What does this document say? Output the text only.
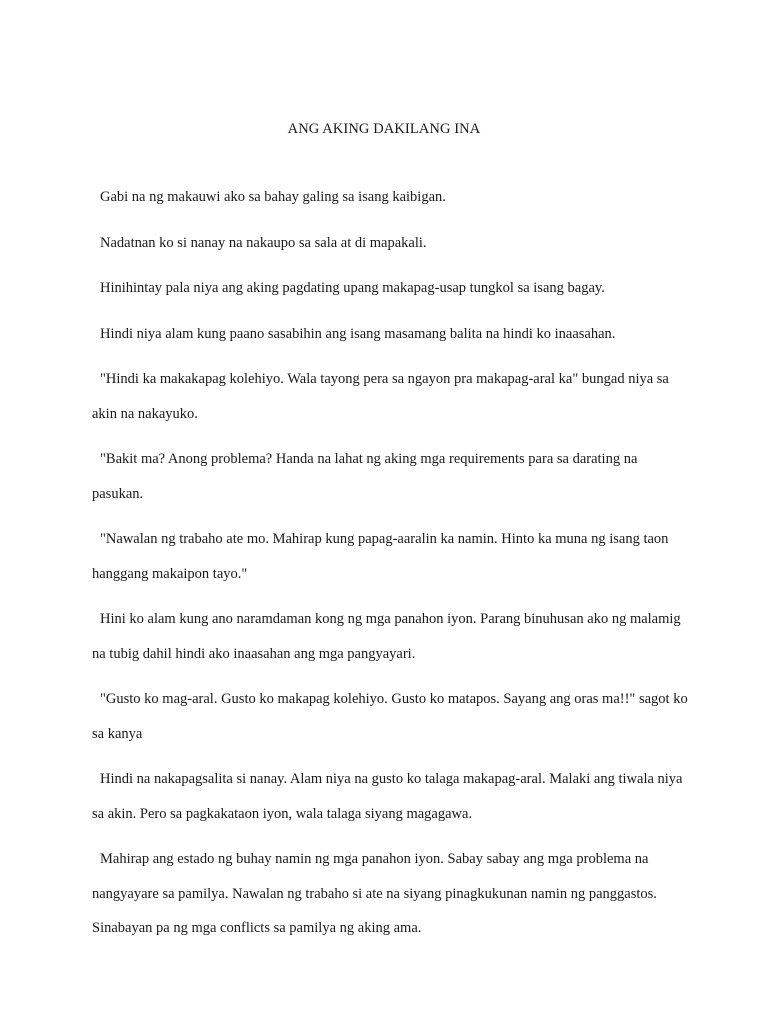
ANG AKING DAKILANG INA

Gabi na ng makauwi ako sa bahay galing sa isang kaibigan.

Nadatnan ko si nanay na nakaupo sa sala at di mapakali.

Hinihintay pala niya ang aking pagdating upang makapag-usap tungkol sa isang bagay.

Hindi niya alam kung paano sasabihin ang isang masamang balita na hindi ko inaasahan.

"Hindi ka makakapag kolehiyo. Wala tayong pera sa ngayon pra makapag-aral ka" bungad niya sa akin na nakayuko.

"Bakit ma? Anong problema? Handa na lahat ng aking mga requirements para sa darating na pasukan.

"Nawalan ng trabaho ate mo. Mahirap kung papag-aaralin ka namin. Hinto ka muna ng isang taon hanggang makaipon tayo."

Hini ko alam kung ano naramdaman kong ng mga panahon iyon. Parang binuhusan ako ng malamig na tubig dahil hindi ako inaasahan ang mga pangyayari.

"Gusto ko mag-aral. Gusto ko makapag kolehiyo. Gusto ko matapos. Sayang ang oras ma!!" sagot ko sa kanya

Hindi na nakapagsalita si nanay. Alam niya na gusto ko talaga makapag-aral. Malaki ang tiwala niya sa akin. Pero sa pagkakataon iyon, wala talaga siyang magagawa.

Mahirap ang estado ng buhay namin ng mga panahon iyon. Sabay sabay ang mga problema na nangyayare sa pamilya. Nawalan ng trabaho si ate na siyang pinagkukunan namin ng panggastos. Sinabayan pa ng mga conflicts sa pamilya ng aking ama.
